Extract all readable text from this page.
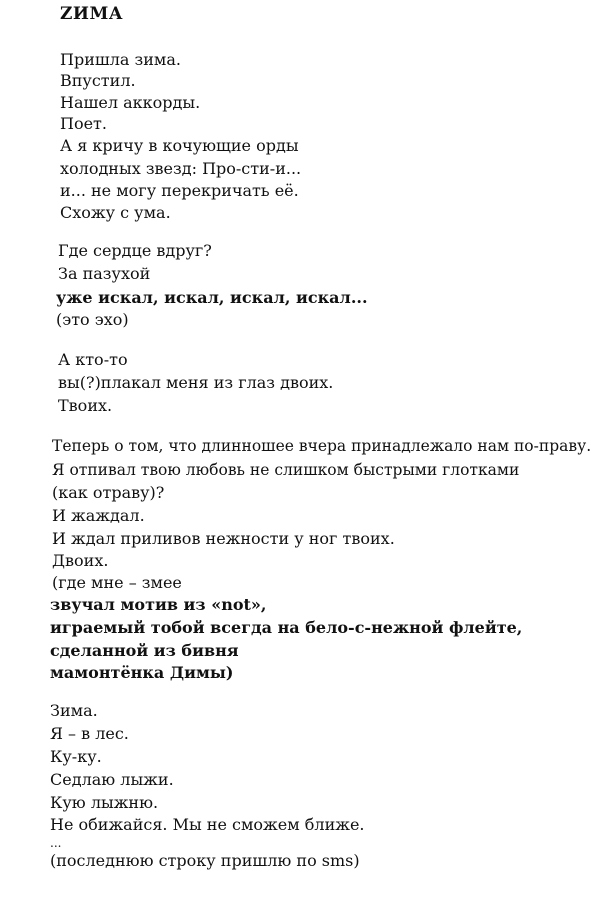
ZИМА
Пришла зима.
Впустил.
Нашел аккорды.
Поет.
А я кричу в кочующие орды
холодных звезд: Про-сти-и...
и... не могу перекричать её.
Схожу с ума.
Где сердце вдруг?
За пазухой
уже искал, искал, искал, искал...
(это эхо)
А кто-то
вы(?)плакал меня из глаз двоих.
Твоих.
Теперь о том, что длинношее вчера принадлежало нам по-праву.
Я отпивал твою любовь не слишком быстрыми глотками
(как отраву)?
И жаждал.
И ждал приливов нежности у ног твоих.
Двоих.
(где мне – змее
звучал мотив из «not»,
играемый тобой всегда на бело-с-нежной флейте,
сделанной из бивня
мамонтёнка Димы)
Зима.
Я – в лес.
Ку-ку.
Седлаю лыжи.
Кую лыжню.
Не обижайся. Мы не сможем ближе.
...
(последнюю строку пришлю по sms)
